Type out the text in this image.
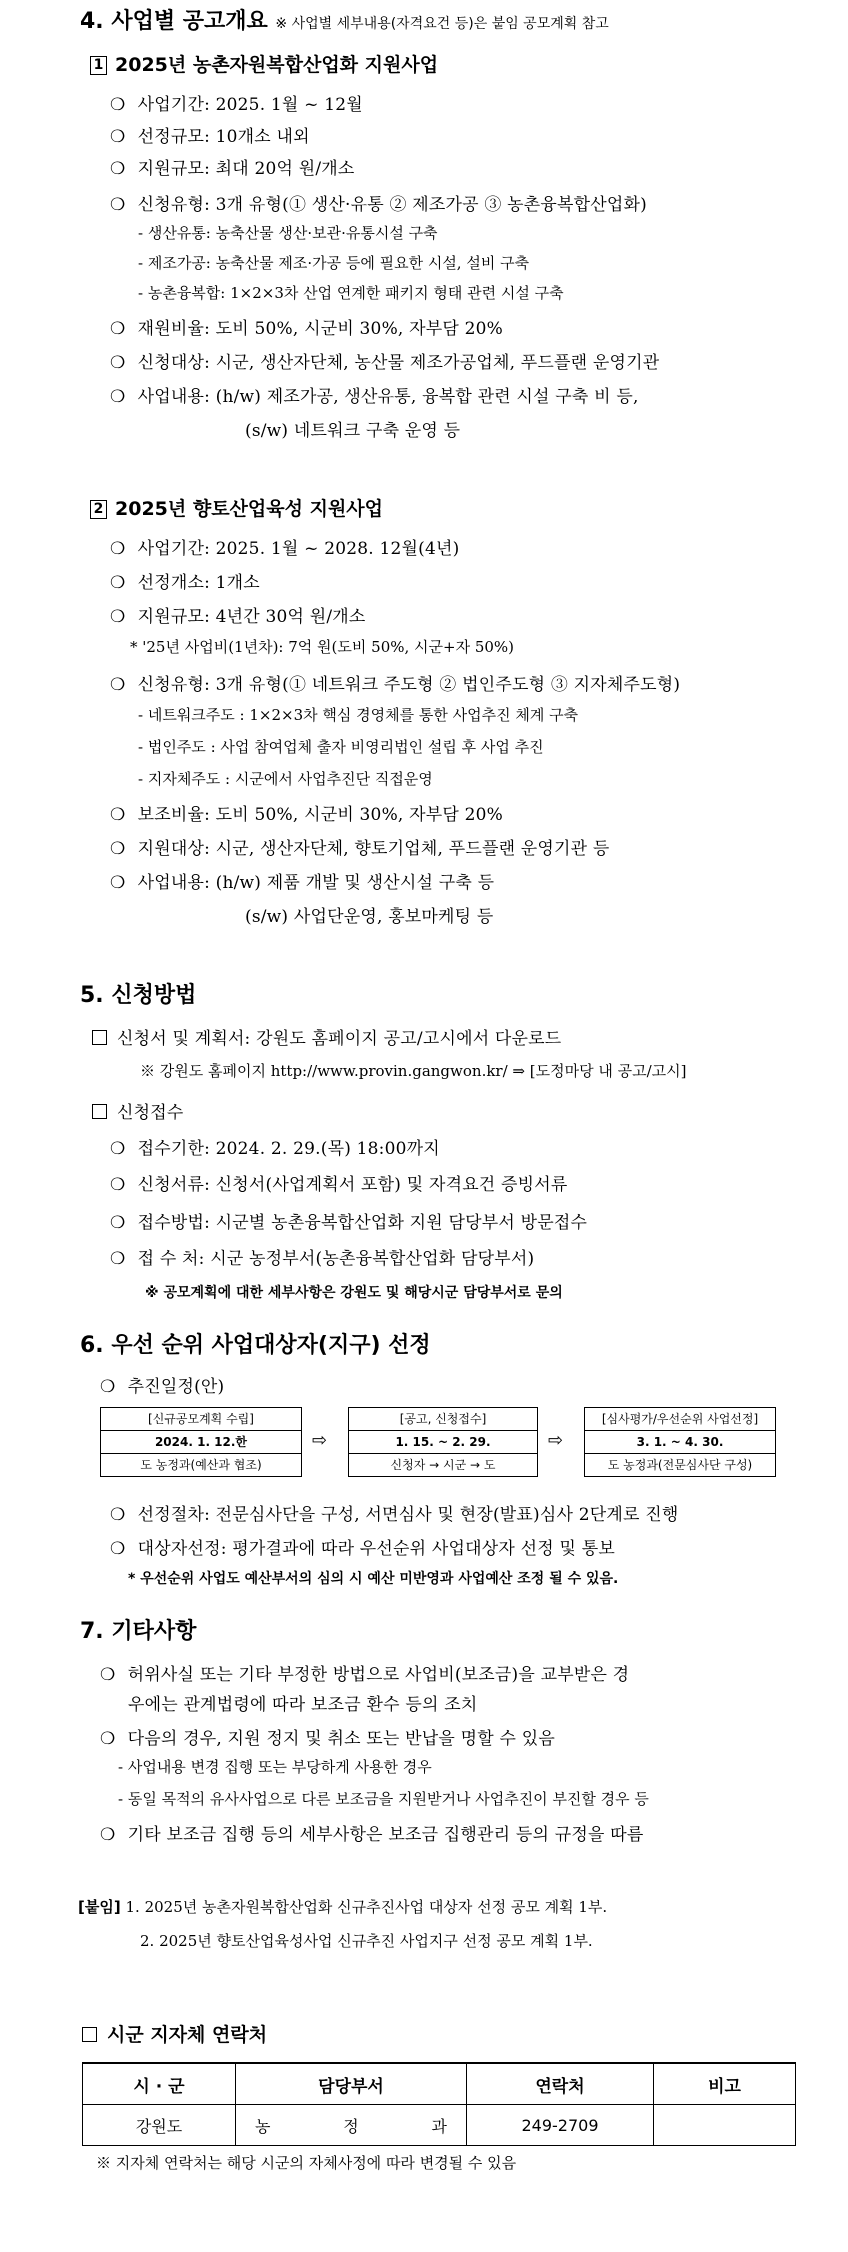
4. 사업별 공고개요 ※ 사업별 세부내용(자격요건 등)은 붙임 공모계획 참고
1 2025년 농촌자원복합산업화 지원사업
❍ 사업기간: 2025. 1월 ~ 12월
❍ 선정규모: 10개소 내외
❍ 지원규모: 최대 20억 원/개소
❍ 신청유형: 3개 유형(① 생산·유통 ② 제조가공 ③ 농촌융복합산업화)
- 생산유통: 농축산물 생산·보관·유통시설 구축
- 제조가공: 농축산물 제조·가공 등에 필요한 시설, 설비 구축
- 농촌융복합: 1×2×3차 산업 연계한 패키지 형태 관련 시설 구축
❍ 재원비율: 도비 50%, 시군비 30%, 자부담 20%
❍ 신청대상: 시군, 생산자단체, 농산물 제조가공업체, 푸드플랜 운영기관
❍ 사업내용: (h/w) 제조가공, 생산유통, 융복합 관련 시설 구축 비 등,
(s/w) 네트워크 구축 운영 등
2 2025년 향토산업육성 지원사업
❍ 사업기간: 2025. 1월 ~ 2028. 12월(4년)
❍ 선정개소: 1개소
❍ 지원규모: 4년간 30억 원/개소
* '25년 사업비(1년차): 7억 원(도비 50%, 시군+자 50%)
❍ 신청유형: 3개 유형(① 네트워크 주도형 ② 법인주도형 ③ 지자체주도형)
- 네트워크주도 : 1×2×3차 핵심 경영체를 통한 사업추진 체계 구축
- 법인주도 : 사업 참여업체 출자 비영리법인 설립 후 사업 추진
- 지자체주도 : 시군에서 사업추진단 직접운영
❍ 보조비율: 도비 50%, 시군비 30%, 자부담 20%
❍ 지원대상: 시군, 생산자단체, 향토기업체, 푸드플랜 운영기관 등
❍ 사업내용: (h/w) 제품 개발 및 생산시설 구축 등
(s/w) 사업단운영, 홍보마케팅 등
5. 신청방법
신청서 및 계획서: 강원도 홈페이지 공고/고시에서 다운로드
※ 강원도 홈페이지 http://www.provin.gangwon.kr/ ⇒ [도정마당 내 공고/고시]
신청접수
❍ 접수기한: 2024. 2. 29.(목) 18:00까지
❍ 신청서류: 신청서(사업계획서 포함) 및 자격요건 증빙서류
❍ 접수방법: 시군별 농촌융복합산업화 지원 담당부서 방문접수
❍ 접 수 처: 시군 농정부서(농촌융복합산업화 담당부서)
※ 공모계획에 대한 세부사항은 강원도 및 해당시군 담당부서로 문의
6. 우선 순위 사업대상자(지구) 선정
❍ 추진일정(안)
[신규공모계획 수립]
2024. 1. 12.한
도 농정과(예산과 협조)
⇨
[공고, 신청접수]
1. 15. ~ 2. 29.
신청자 → 시군 → 도
⇨
[심사평가/우선순위 사업선정]
3. 1. ~ 4. 30.
도 농정과(전문심사단 구성)
❍ 선정절차: 전문심사단을 구성, 서면심사 및 현장(발표)심사 2단계로 진행
❍ 대상자선정: 평가결과에 따라 우선순위 사업대상자 선정 및 통보
* 우선순위 사업도 예산부서의 심의 시 예산 미반영과 사업예산 조정 될 수 있음.
7. 기타사항
❍ 허위사실 또는 기타 부정한 방법으로 사업비(보조금)을 교부받은 경
우에는 관계법령에 따라 보조금 환수 등의 조치
❍ 다음의 경우, 지원 정지 및 취소 또는 반납을 명할 수 있음
- 사업내용 변경 집행 또는 부당하게 사용한 경우
- 동일 목적의 유사사업으로 다른 보조금을 지원받거나 사업추진이 부진할 경우 등
❍ 기타 보조금 집행 등의 세부사항은 보조금 집행관리 등의 규정을 따름
[붙임] 1. 2025년 농촌자원복합산업화 신규추진사업 대상자 선정 공모 계획 1부.
2. 2025년 향토산업육성사업 신규추진 사업지구 선정 공모 계획 1부.
시군 지자체 연락처
시 · 군	담당부서	연락처	비고
강원도	농 정 과	249-2709	
※ 지자체 연락처는 해당 시군의 자체사정에 따라 변경될 수 있음
